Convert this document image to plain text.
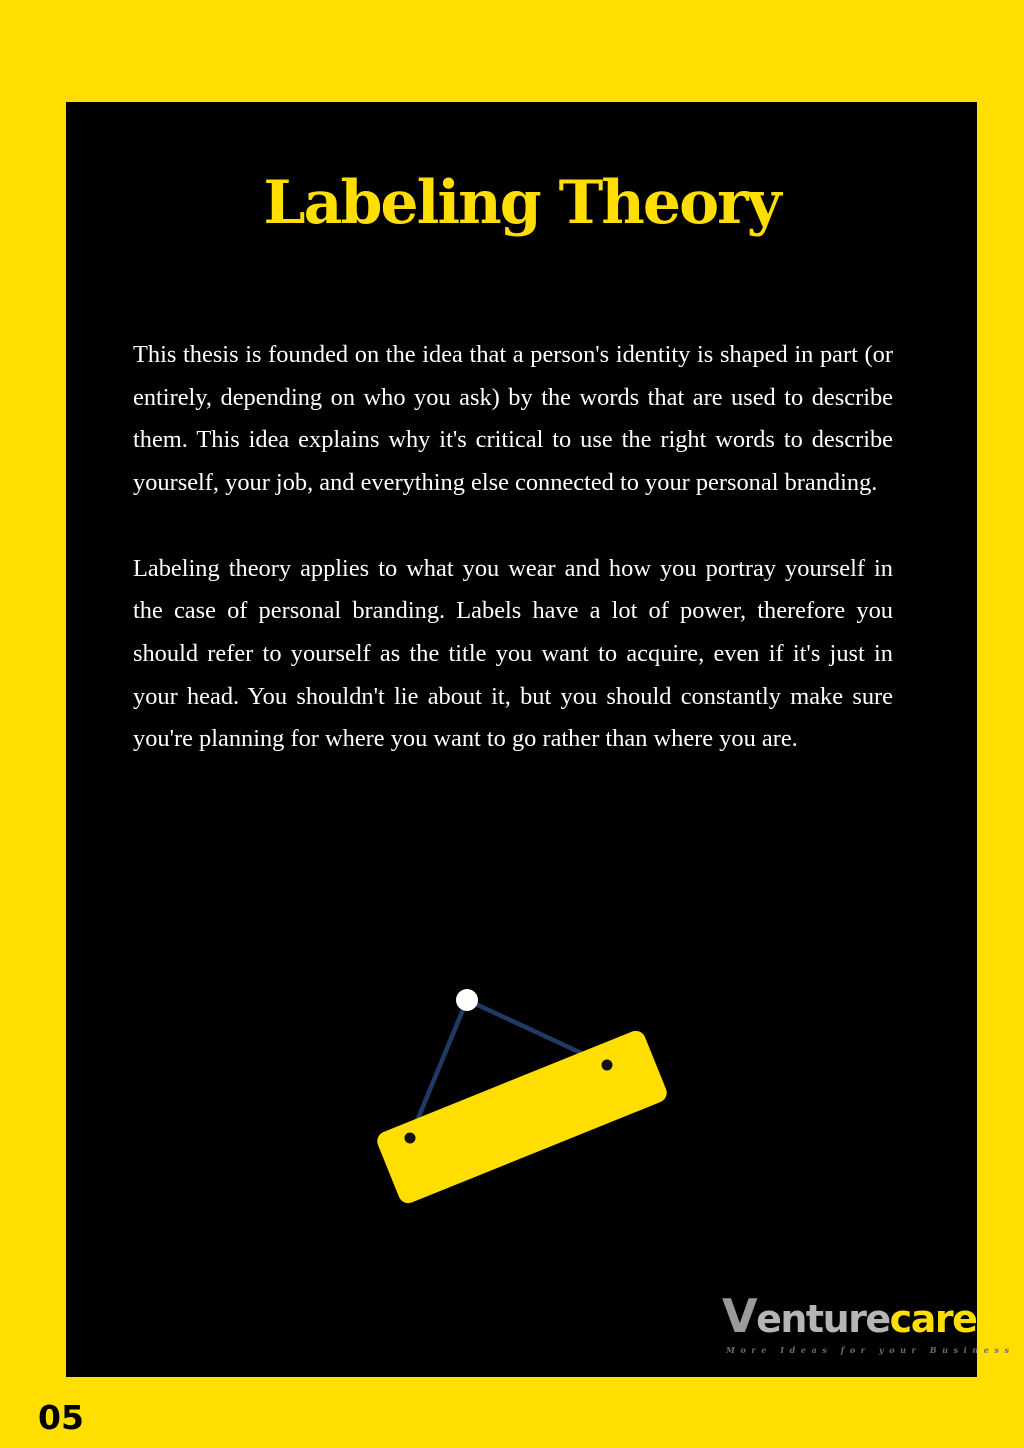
Labeling Theory

This thesis is founded on the idea that a person's identity is shaped in part (or entirely, depending on who you ask) by the words that are used to describe them. This idea explains why it's critical to use the right words to describe yourself, your job, and everything else connected to your personal branding.

Labeling theory applies to what you wear and how you portray yourself in the case of personal branding. Labels have a lot of power, therefore you should refer to yourself as the title you want to acquire, even if it's just in your head. You shouldn't lie about it, but you should constantly make sure you're planning for where you want to go rather than where you are.

Venturecare
More Ideas for your Business
05
